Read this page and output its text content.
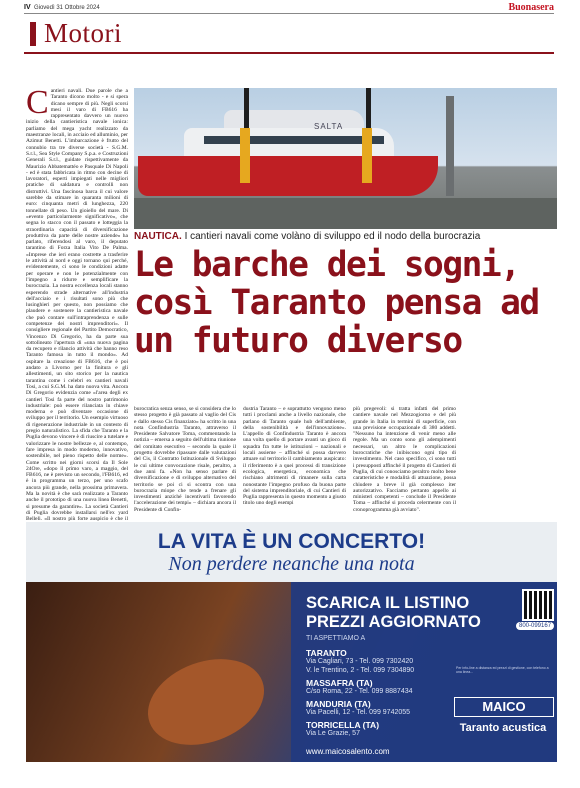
IV Giovedì 31 Ottobre 2024	Buonasera
Motori
C antieri navali. Due parole che a Taranto dicono molto - e si spera dicano sempre di più. Negli scorsi mesi il varo di FB616 ha rappresentato davvero un nuovo inizio della cantieristica navale ionica: parliamo del mega yacht realizzato da maestranze locali, in acciaio ed alluminio, per Azimut Benetti. L'imbarcazione è frutto del connubio tra tre diverse società - S.G.M. S.r.l., Sea Style Company S.p.a. e Costruzioni Generali S.r.l., guidate rispettivamente da Maurizio Abbatemattéo e Pasquale Di Napoli - ed è stata fabbricata in ritmo con decine di lavoratori, esperti impiegati nelle migliori pratiche di saldatura e controlli non distruttivi. Una fascinosa barca il cui valore sarebbe da stimare in quaranta milioni di euro: cinquanta metri di lunghezza, 220 tonnellate di peso. Un gioiello del mare. Di «evento particolarmente significativo», che segna lo stacco con il passato e lotteggia la straordinaria capacità di diversificazione produttiva da parte delle nostre aziende» ha parlato, riferendosi al varo, il deputato tarantino di Forza Italia Vito De Palma. «Imprese che ieri erano costrette a trasferire le attività al nord e oggi tornano qui perché, evidentemente, ci sono le condizioni adatte per operare e non le potenzialmente con l'impegno a ridurre e semplificare la burocrazia. La nostra eccellenza locali stanno esperendo strade alternative all'industria dell'acciaio e i risultati sono più che lusinghieri per questo, non possiamo che plaudere e sostenere la cantieristica navale che può contare sull'intraprendenza e sulle competenze dei nostri imprenditori». Il consigliere regionale del Partito Democratico, Vincenzo Di Gregorio, ha da parte sua sottolineato l'apertura di «una nuova pagina da recupero e rilancio attività che hanno reso Taranto famosa in tutto il mondo». Ad ospitare la creazione di FB616, che è poi andato a Livorno per la finitura e gli allestimenti, un sito storico per la nautica tarantina come i celebri ex cantieri navali Tosi, a cui S.G.M. ha dato nuova vita. Ancora Di Gregorio evidenzia come «l'area degli ex cantieri Tosi fa parte del nostro patrimonio industriale: può essere rilanciata in chiave moderna e può diventare occasione di sviluppo per il territorio. Un esempio virtuoso di rigenerazione industriale in un contesto di pregio naturalistico. La sfida che Taranto e la Puglia devono vincere è di riuscire a tutelare e valorizzare le nostre bellezze e, al contempo, fare impresa in modo moderno, innovativo, sostenibile, nel pieno rispetto delle norme». Come scritto nei giorni scorsi da Il Sole 24Ore, «dopo il primo varo, a maggio, del FB616, ne è previsto un secondo, l'FB616, ed è in programma un terzo, per uno scafo ancora più grande, nella prossima primavera. Ma la novità è che sarà realizzato a Taranto anche il prototipo di una nuova linea Benetti, si presume da garantire». La società Cantieri di Puglia dovrebbe installarsi nell'ex yard Belleli. «Il nostro più forte auspicio è che il
SALTA
NAUTICA. I cantieri navali come volàno di sviluppo ed il nodo della burocrazia
Le barche dei sogni, così Taranto pensa ad un futuro diverso
burocratica senza senso, se si considera che lo stesso progetto è già passato al vaglio del Cis e dallo stesso Cis finanziato» ha scritto in una nota Confindustria Taranto, attraverso il Presidente Salvatore Toma, commentando la notizia – emersa a seguito dell'ultima riunione del comitato esecutivo – secondo la quale il progetto dovrebbe ripassare dalle valutazioni del Cis, il Contratto Istituzionale di Sviluppo le cui ultime convocazione risale, peraltro, a due anni fa. «Non ha senso parlare di diversificazione e di sviluppo alternativo del territorio se poi ci si scontra con una burocrazia miope che tende a frenare gli investimenti anziché incentivarli favorendo l'accelerazione dei tempi» – dichiara ancora il Presidente di Confin-
dustria Taranto – e soprattutto vengono meno tutti i proclami anche a livello nazionale, che parlano di Taranto quale hub dell'ambiente, della sostenibilità e dell'innovazione». L'appello di Confindustria Taranto è ancora una volta quello di portare avanti un gioco di squadra fra tutte le istituzioni – nazionali e locali assieme – affinché si possa davvero attuare sul territorio il cambiamento auspicato: il riferimento è a quei processi di transizione ecologica, energetica, economica che rischiano altrimenti di rimanere sulla carta nonostante l'impegno profuso da buona parte del sistema imprenditoriale, di cui Cantieri di Puglia rappresenta in questo momento a giusto titolo uno degli esempi
più pregevoli: si tratta infatti del primo cantiere navale nel Mezzogiorno e del più grande in Italia in termini di superficie, con una previsione occupazionale di 380 addetti. "Nessuno ha intenzione di venir meno alle regole. Ma un conto sono gli adempimenti necessari, un altro le complicazioni burocratiche che inibiscono ogni tipo di investimento. Nel caso specifico, ci sono tutti i presupposti affinché il progetto di Cantieri di Puglia, di cui conosciamo peraltro molto bene caratteristiche e modalità di attuazione, possa chiudere a breve il già complesso iter autorizzativo. Facciamo pertanto appello ai ministeri competenti – conclude il Presidente Toma – affinché si proceda celermente con il cronoprogramma già avviato".
LA VITA È UN CONCERTO!
Non perdere neanche una nota
SCARICA IL LISTINO
PREZZI AGGIORNATO	800-099167
TI ASPETTIAMO A
TARANTO
Via Cagliari, 73 - Tel. 099 7302420
V. le Trentino, 2 - Tel. 099 7304890
MASSAFRA (TA)
C/so Roma, 22 - Tel. 099 8887434
MANDURIA (TA)
Via Pacelli, 12 - Tel. 099 9742055
TORRICELLA (TA)
Via Le Grazie, 57
Per info-line a distanza ed prezzi di gestione, con telefono a una linea...
MAICO
Taranto acustica
www.maicosalento.com
